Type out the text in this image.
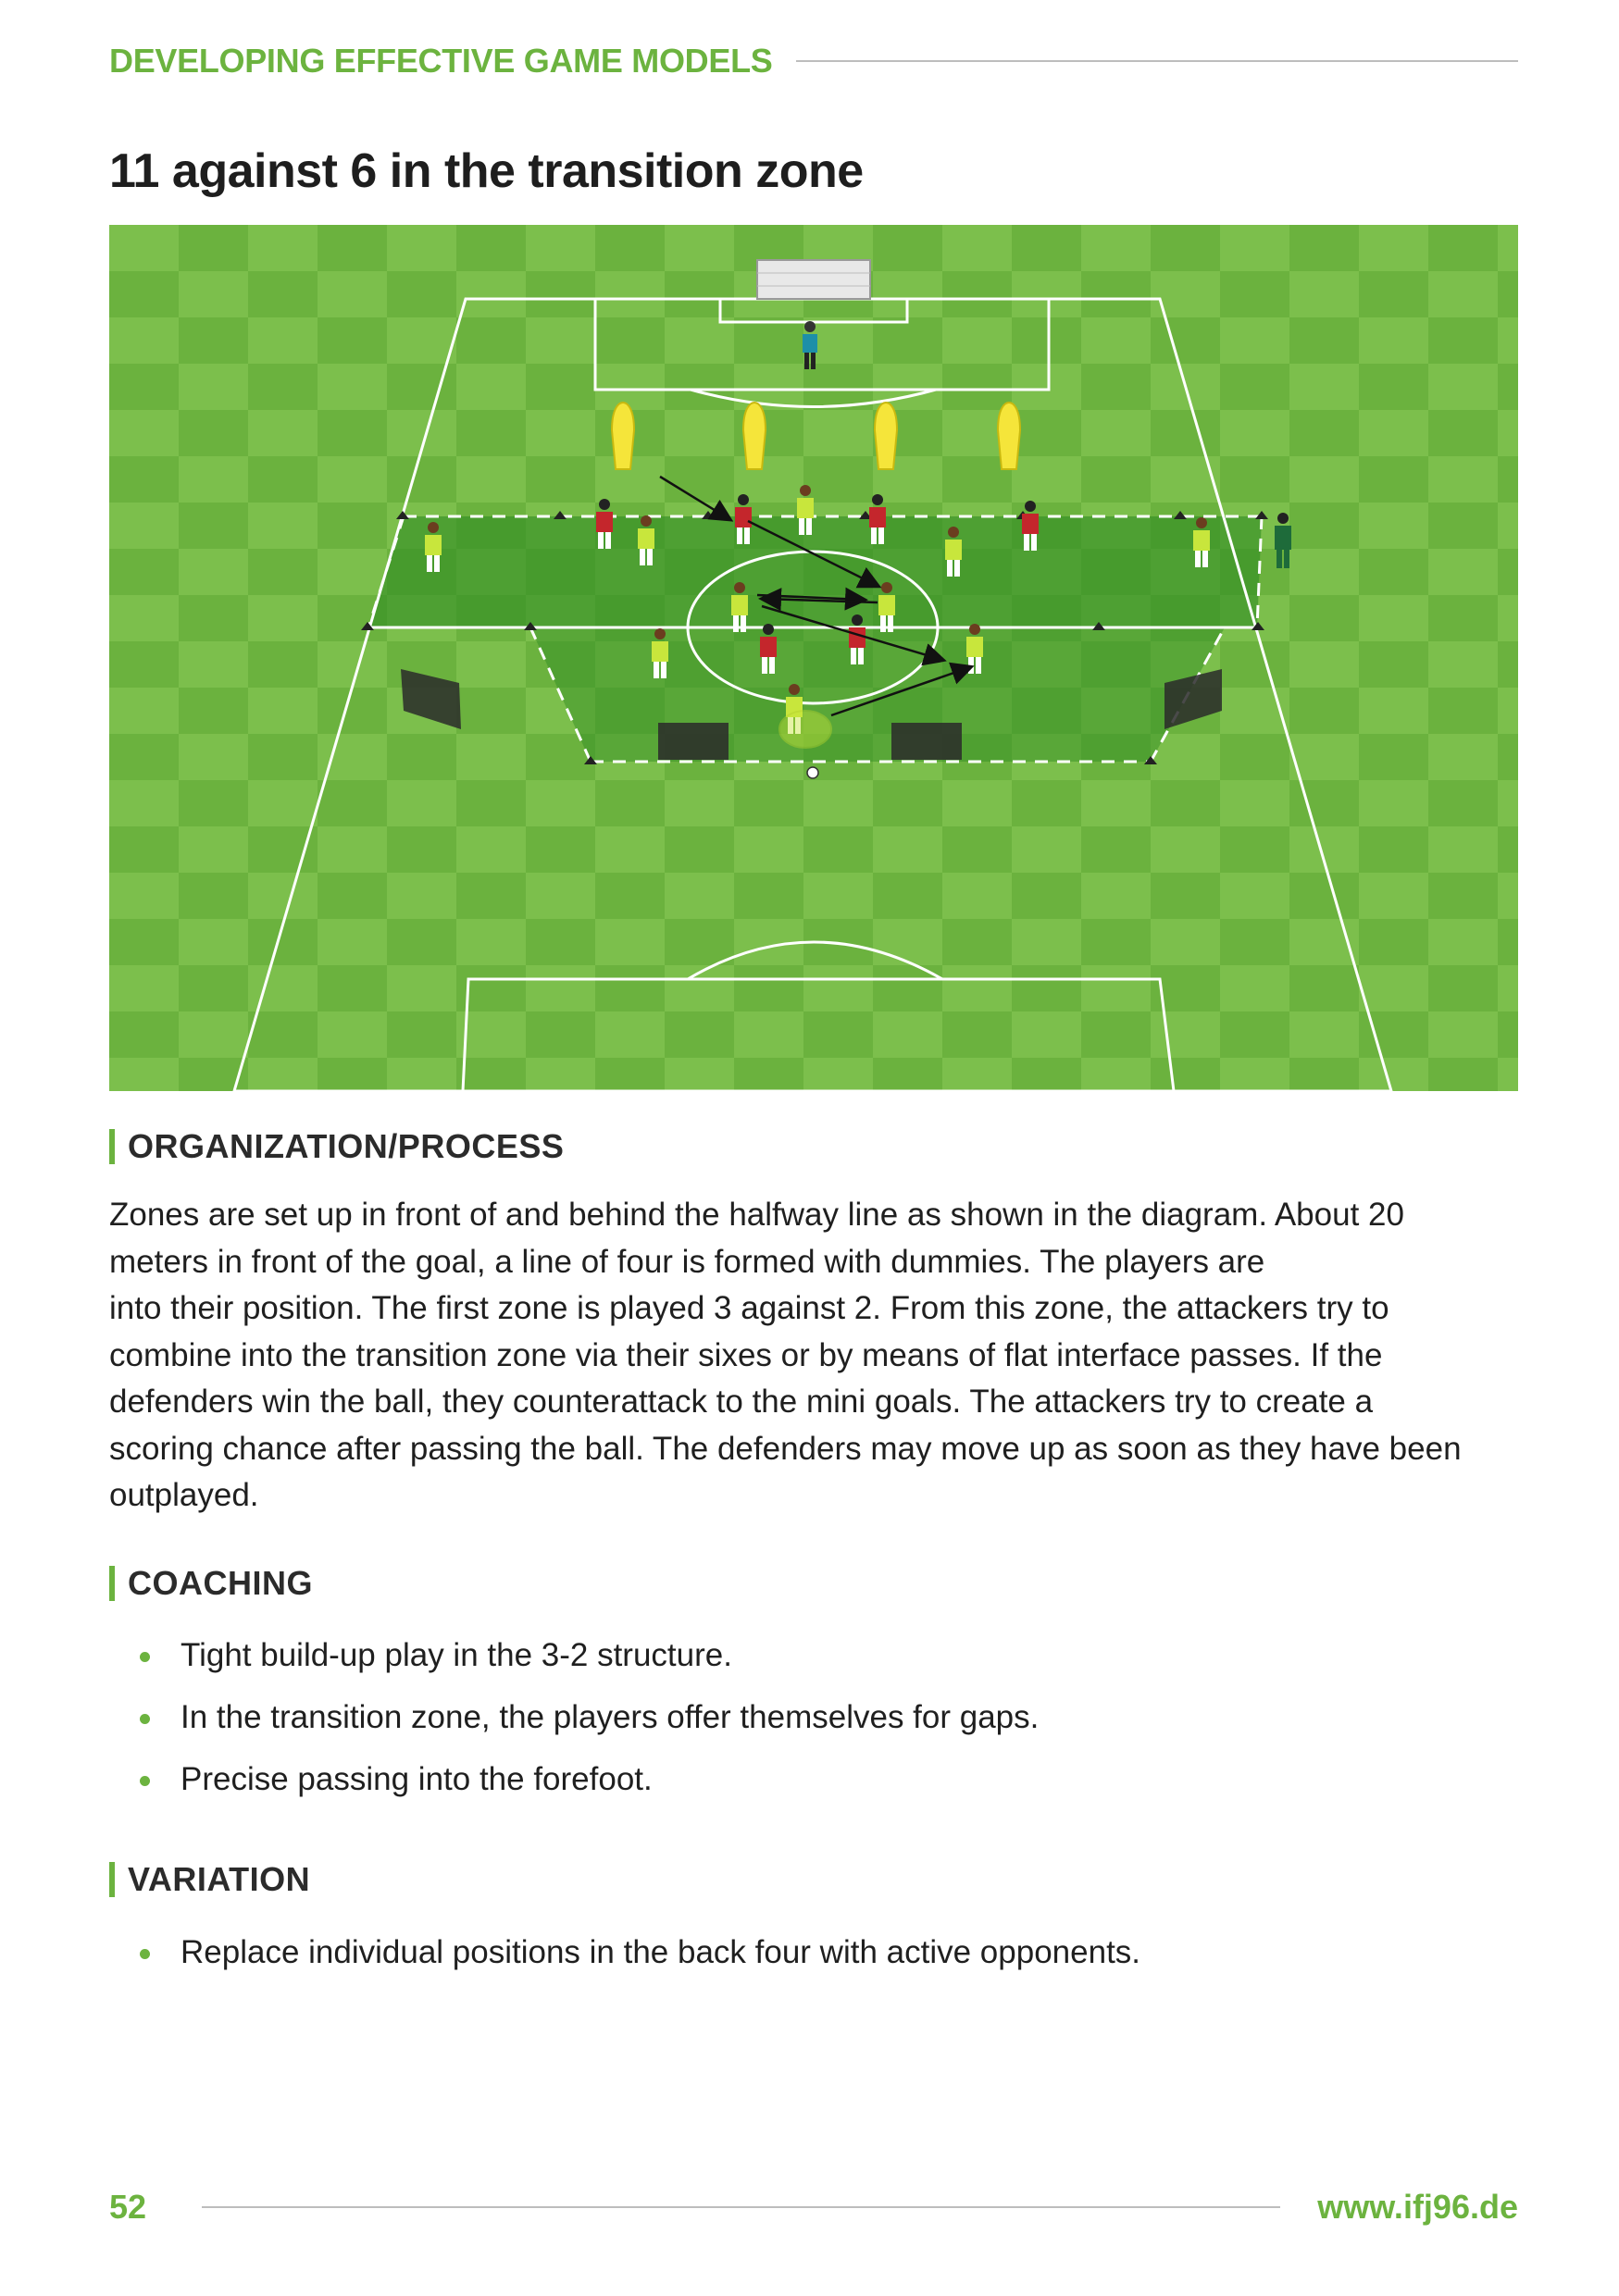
DEVELOPING EFFECTIVE GAME MODELS
11 against 6 in the transition zone
ORGANIZATION/PROCESS

Zones are set up in front of and behind the halfway line as shown in the diagram. About 20
meters in front of the goal, a line of four is formed with dummies. The players are
into their position. The first zone is played 3 against 2. From this zone, the attackers try to
combine into the transition zone via their sixes or by means of flat interface passes. If the
defenders win the ball, they counterattack to the mini goals. The attackers try to create a
scoring chance after passing the ball. The defenders may move up as soon as they have been
outplayed.

COACHING
Tight build-up play in the 3-2 structure.
In the transition zone, the players offer themselves for gaps.
Precise passing into the forefoot.
VARIATION
Replace individual positions in the back four with active opponents.
52	www.ifj96.de
